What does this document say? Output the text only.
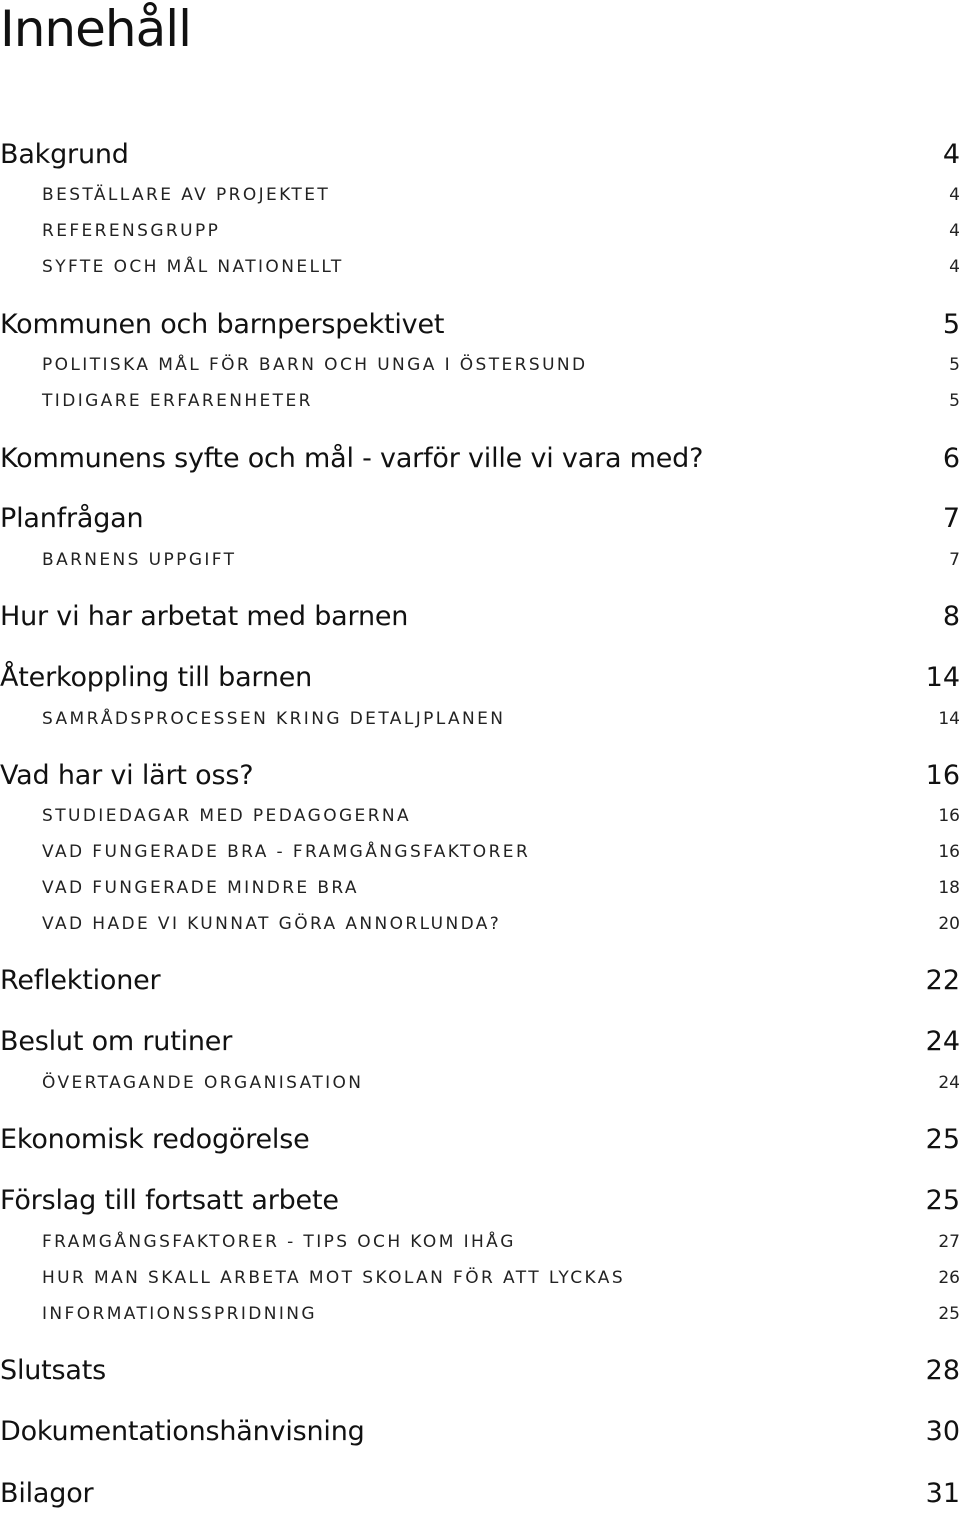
Innehåll
Bakgrund	4
BESTÄLLARE AV PROJEKTET	4
REFERENSGRUPP	4
SYFTE OCH MÅL NATIONELLT	4
Kommunen och barnperspektivet	5
POLITISKA MÅL FÖR BARN OCH UNGA I ÖSTERSUND	5
TIDIGARE ERFARENHETER	5
Kommunens syfte och mål - varför ville vi vara med?	6
Planfrågan	7
BARNENS UPPGIFT	7
Hur vi har arbetat med barnen	8
Återkoppling till barnen	14
SAMRÅDSPROCESSEN KRING DETALJPLANEN	14
Vad har vi lärt oss?	16
STUDIEDAGAR MED PEDAGOGERNA	16
VAD FUNGERADE BRA - FRAMGÅNGSFAKTORER	16
VAD FUNGERADE MINDRE BRA	18
VAD HADE VI KUNNAT GÖRA ANNORLUNDA?	20
Reflektioner	22
Beslut om rutiner	24
ÖVERTAGANDE ORGANISATION	24
Ekonomisk redogörelse	25
Förslag till fortsatt arbete	25
FRAMGÅNGSFAKTORER - TIPS OCH KOM IHÅG	27
HUR MAN SKALL ARBETA MOT SKOLAN FÖR ATT LYCKAS	26
INFORMATIONSSPRIDNING	25
Slutsats	28
Dokumentationshänvisning	30
Bilagor	31
